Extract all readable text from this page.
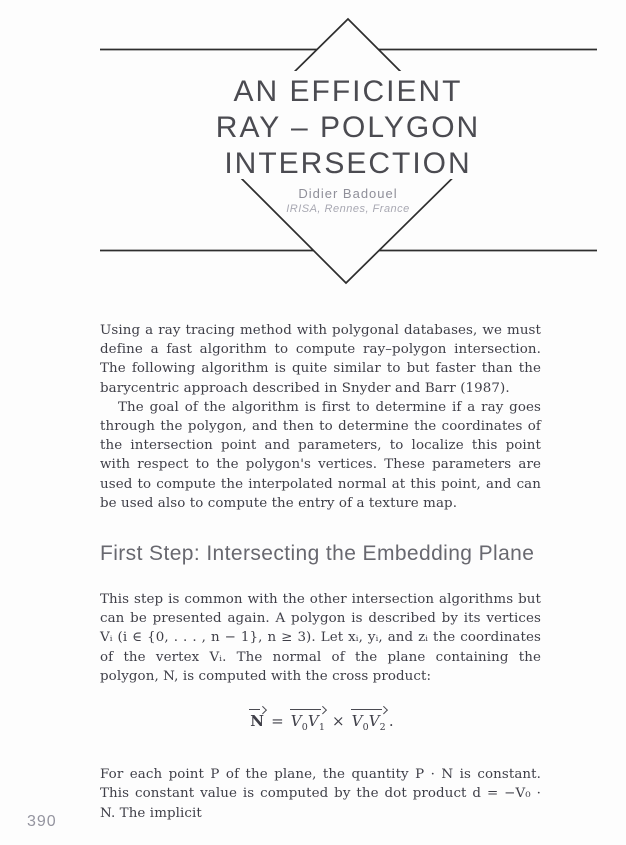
AN EFFICIENT
RAY – POLYGON
INTERSECTION
Didier Badouel
IRISA, Rennes, France

Using a ray tracing method with polygonal databases, we must define a fast algorithm to compute ray–polygon intersection. The following algorithm is quite similar to but faster than the barycentric approach described in Snyder and Barr (1987).

The goal of the algorithm is first to determine if a ray goes through the polygon, and then to determine the coordinates of the intersection point and parameters, to localize this point with respect to the polygon's vertices. These parameters are used to compute the interpolated normal at this point, and can be used also to compute the entry of a texture map.

First Step: Intersecting the Embedding Plane

This step is common with the other intersection algorithms but can be presented again. A polygon is described by its vertices Vᵢ (i ∈ {0, . . . , n − 1}, n ≥ 3). Let xᵢ, yᵢ, and zᵢ the coordinates of the vertex Vᵢ. The normal of the plane containing the polygon, N, is computed with the cross product:

$N = V_0V_1 \times V_0V_2$ .

For each point P of the plane, the quantity P · N is constant. This constant value is computed by the dot product d = −V₀ · N. The implicit

390
